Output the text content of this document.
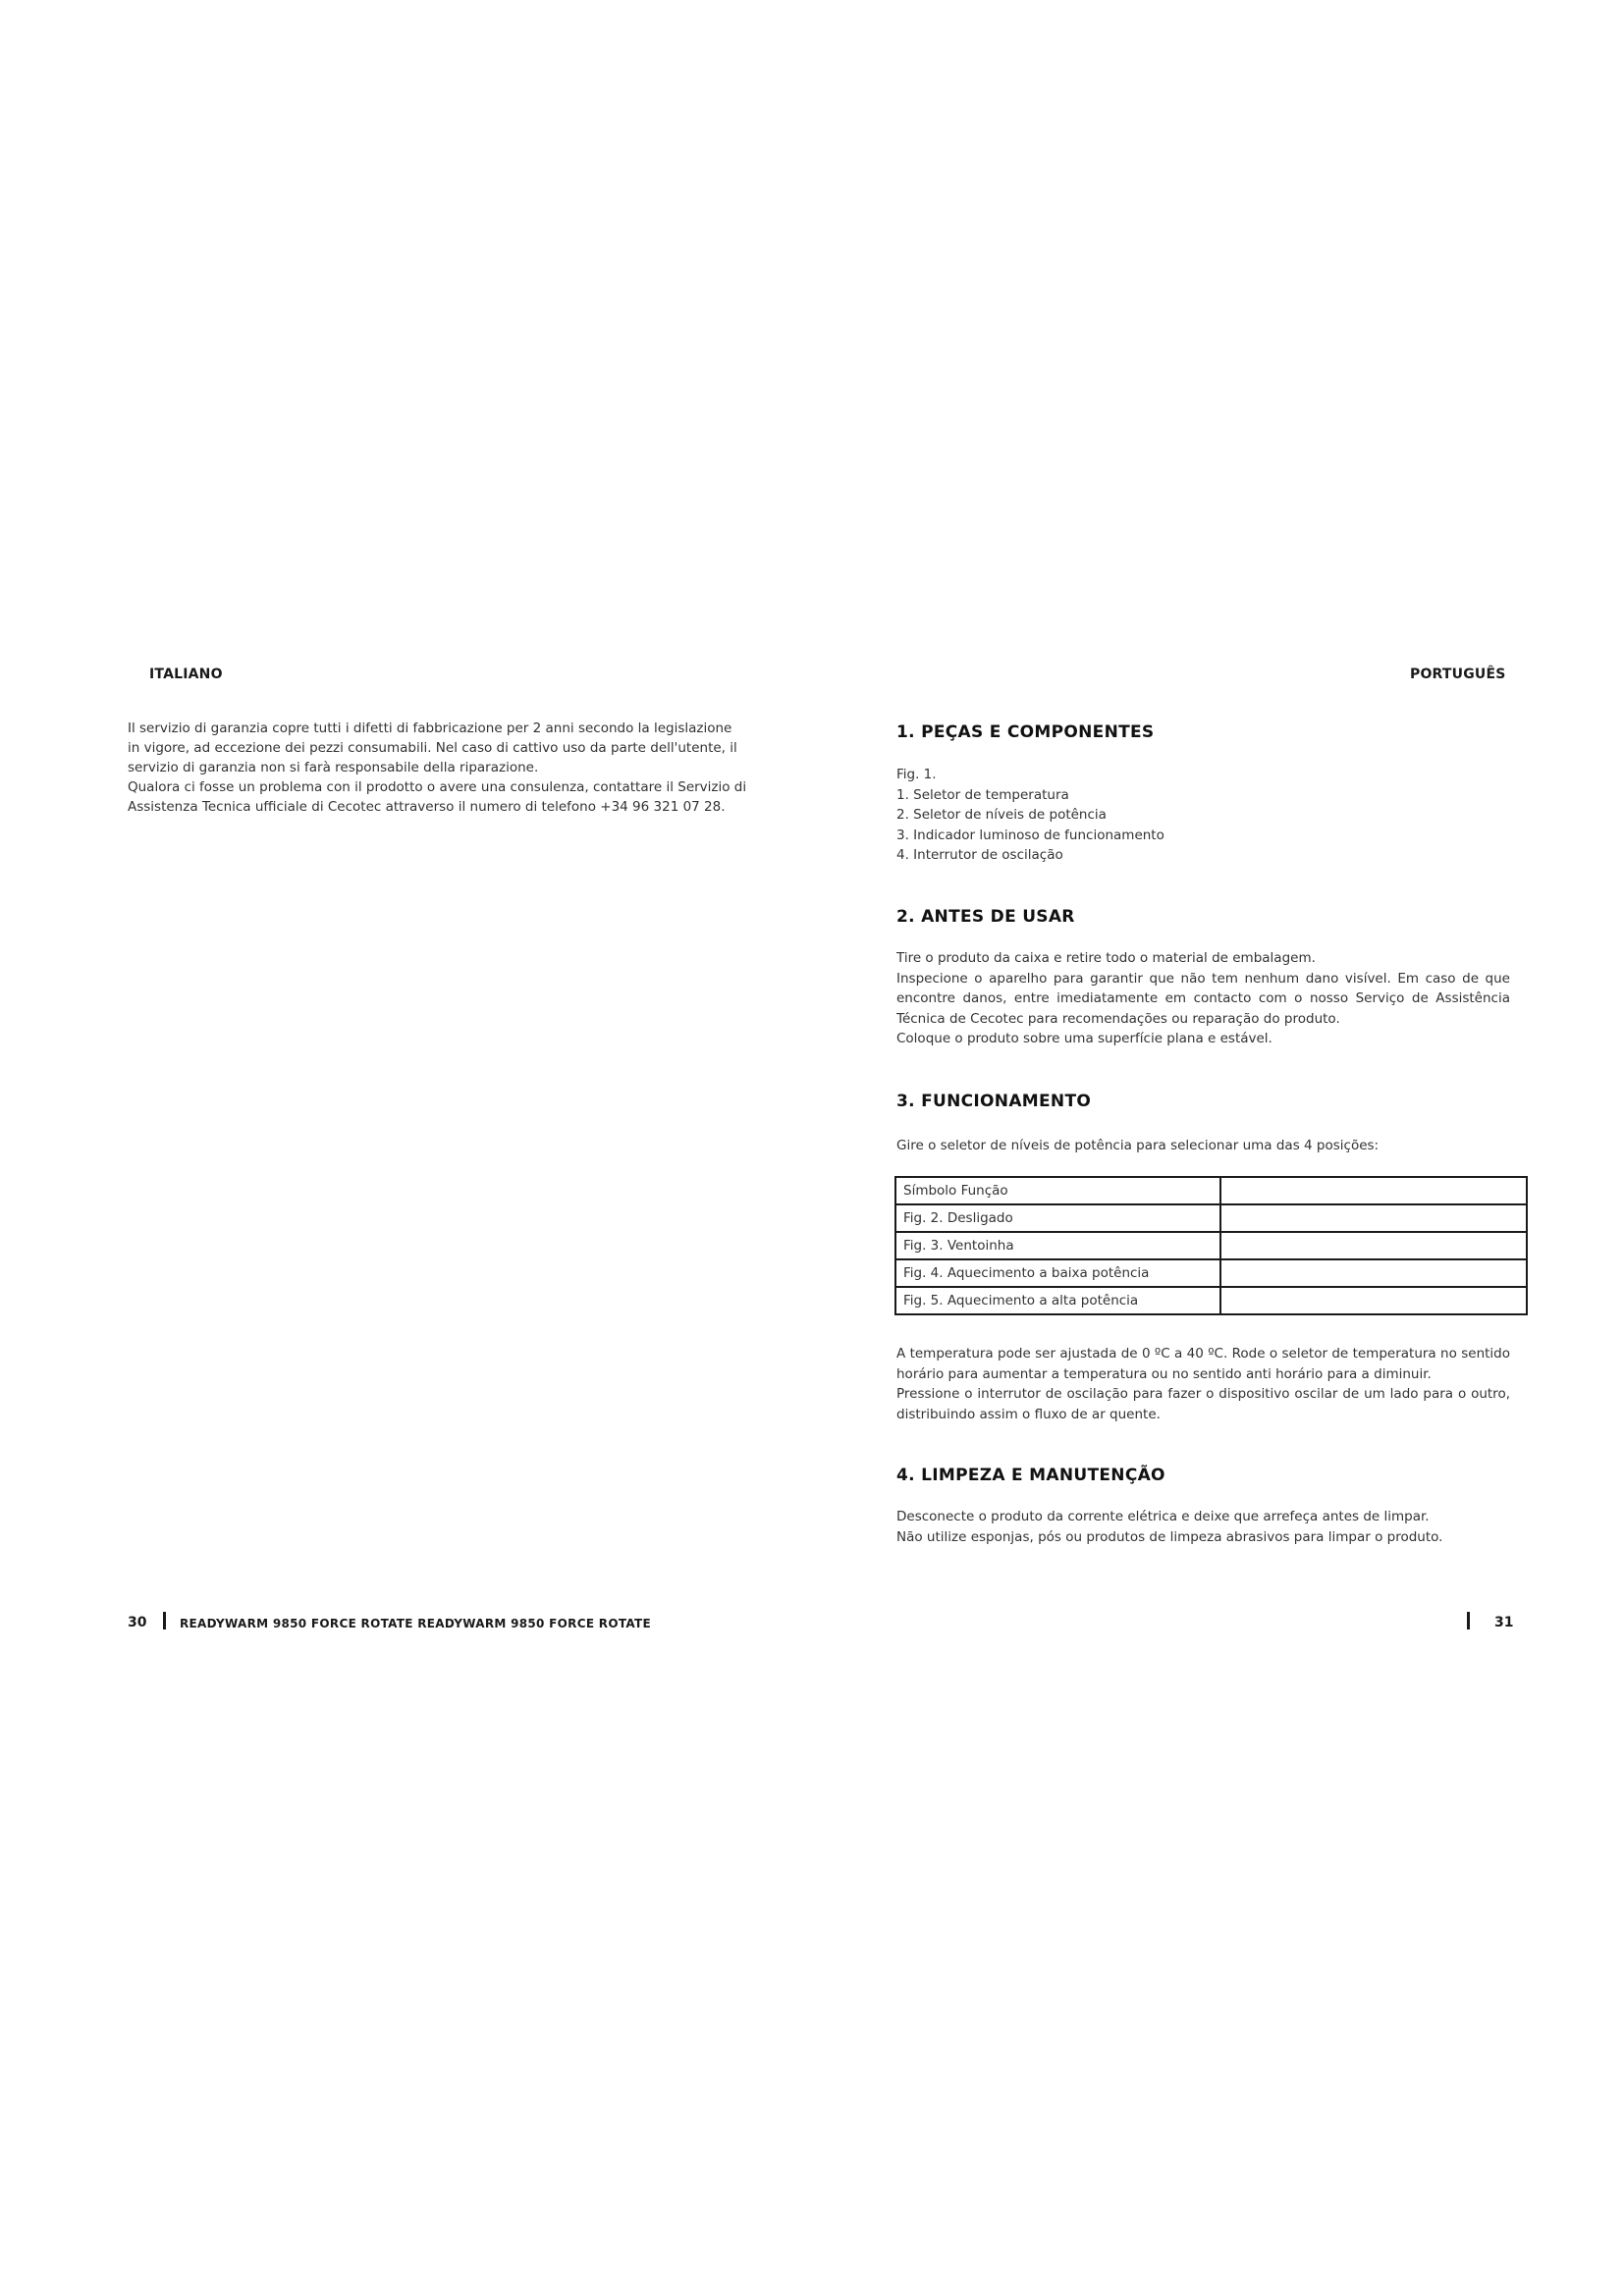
ITALIANO

Il servizio di garanzia copre tutti i difetti di fabbricazione per 2 anni secondo la legislazione

in vigore, ad eccezione dei pezzi consumabili. Nel caso di cattivo uso da parte dell'utente, il

servizio di garanzia non si farà responsabile della riparazione.

Qualora ci fosse un problema con il prodotto o avere una consulenza, contattare il Servizio di

Assistenza Tecnica ufficiale di Cecotec attraverso il numero di telefono +34 96 321 07 28.

30	READYWARM 9850 FORCE ROTATE READYWARM 9850 FORCE ROTATE
PORTUGUÊS
1. PEÇAS E COMPONENTES

Fig. 1.

1. Seletor de temperatura
2. Seletor de níveis de potência
3. Indicador luminoso de funcionamento
4. Interrutor de oscilação
2. ANTES DE USAR

Tire o produto da caixa e retire todo o material de embalagem.

Inspecione o aparelho para garantir que não tem nenhum dano visível. Em caso de que encontre danos, entre imediatamente em contacto com o nosso Serviço de Assistência Técnica de Cecotec para recomendações ou reparação do produto.

Coloque o produto sobre uma superfície plana e estável.

3. FUNCIONAMENTO
Gire o seletor de níveis de potência para selecionar uma das 4 posições:
Símbolo Função	
Fig. 2. Desligado	
Fig. 3. Ventoinha	
Fig. 4. Aquecimento a baixa potência	
Fig. 5. Aquecimento a alta potência	

A temperatura pode ser ajustada de 0 ºC a 40 ºC. Rode o seletor de temperatura no sentido horário para aumentar a temperatura ou no sentido anti horário para a diminuir.

Pressione o interrutor de oscilação para fazer o dispositivo oscilar de um lado para o outro, distribuindo assim o fluxo de ar quente.

4. LIMPEZA E MANUTENÇÃO

Desconecte o produto da corrente elétrica e deixe que arrefeça antes de limpar.

Não utilize esponjas, pós ou produtos de limpeza abrasivos para limpar o produto.

31
